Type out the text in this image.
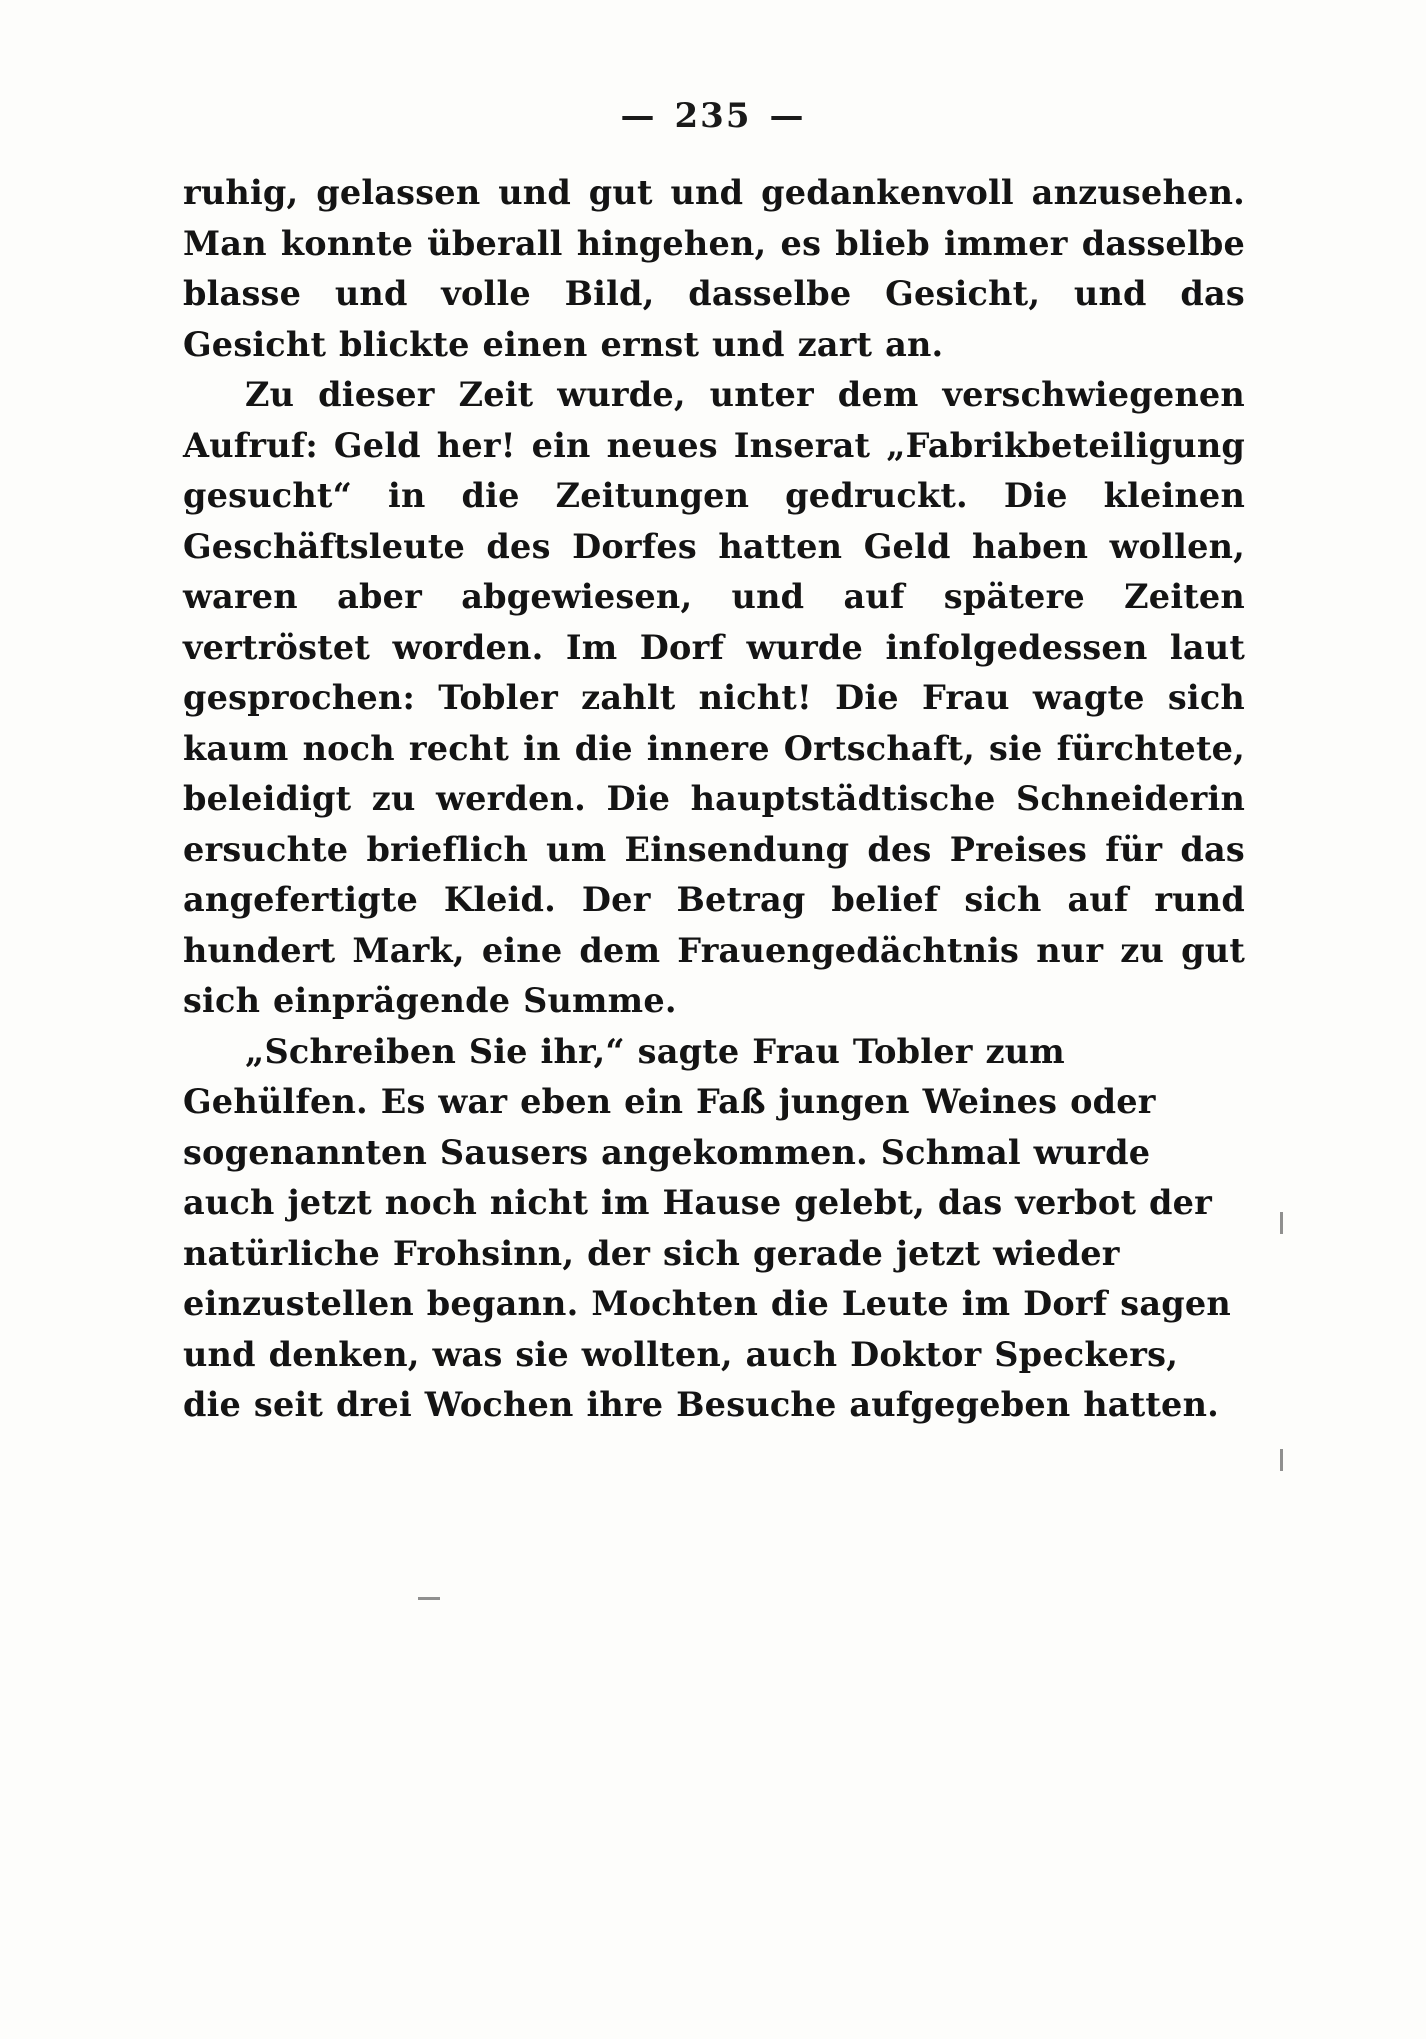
— 235 —

ruhig, gelassen und gut und gedankenvoll anzusehen. Man konnte überall hingehen, es blieb immer dasselbe blasse und volle Bild, dasselbe Gesicht, und das Gesicht blickte einen ernst und zart an.

Zu dieser Zeit wurde, unter dem verschwiegenen Aufruf: Geld her! ein neues Inserat „Fabrikbeteiligung gesucht“ in die Zeitungen gedruckt. Die kleinen Geschäftsleute des Dorfes hatten Geld haben wollen, waren aber abgewiesen, und auf spätere Zeiten vertröstet worden. Im Dorf wurde infolgedessen laut gesprochen: Tobler zahlt nicht! Die Frau wagte sich kaum noch recht in die innere Ortschaft, sie fürchtete, beleidigt zu werden. Die hauptstädtische Schneiderin ersuchte brieflich um Einsendung des Preises für das angefertigte Kleid. Der Betrag belief sich auf rund hundert Mark, eine dem Frauengedächtnis nur zu gut sich einprägende Summe.

„Schreiben Sie ihr,“ sagte Frau Tobler zum Gehülfen. Es war eben ein Faß jungen Weines oder sogenannten Sausers angekommen. Schmal wurde auch jetzt noch nicht im Hause gelebt, das verbot der natürliche Frohsinn, der sich gerade jetzt wieder einzustellen begann. Mochten die Leute im Dorf sagen und denken, was sie wollten, auch Doktor Speckers, die seit drei Wochen ihre Besuche aufgegeben hatten.
